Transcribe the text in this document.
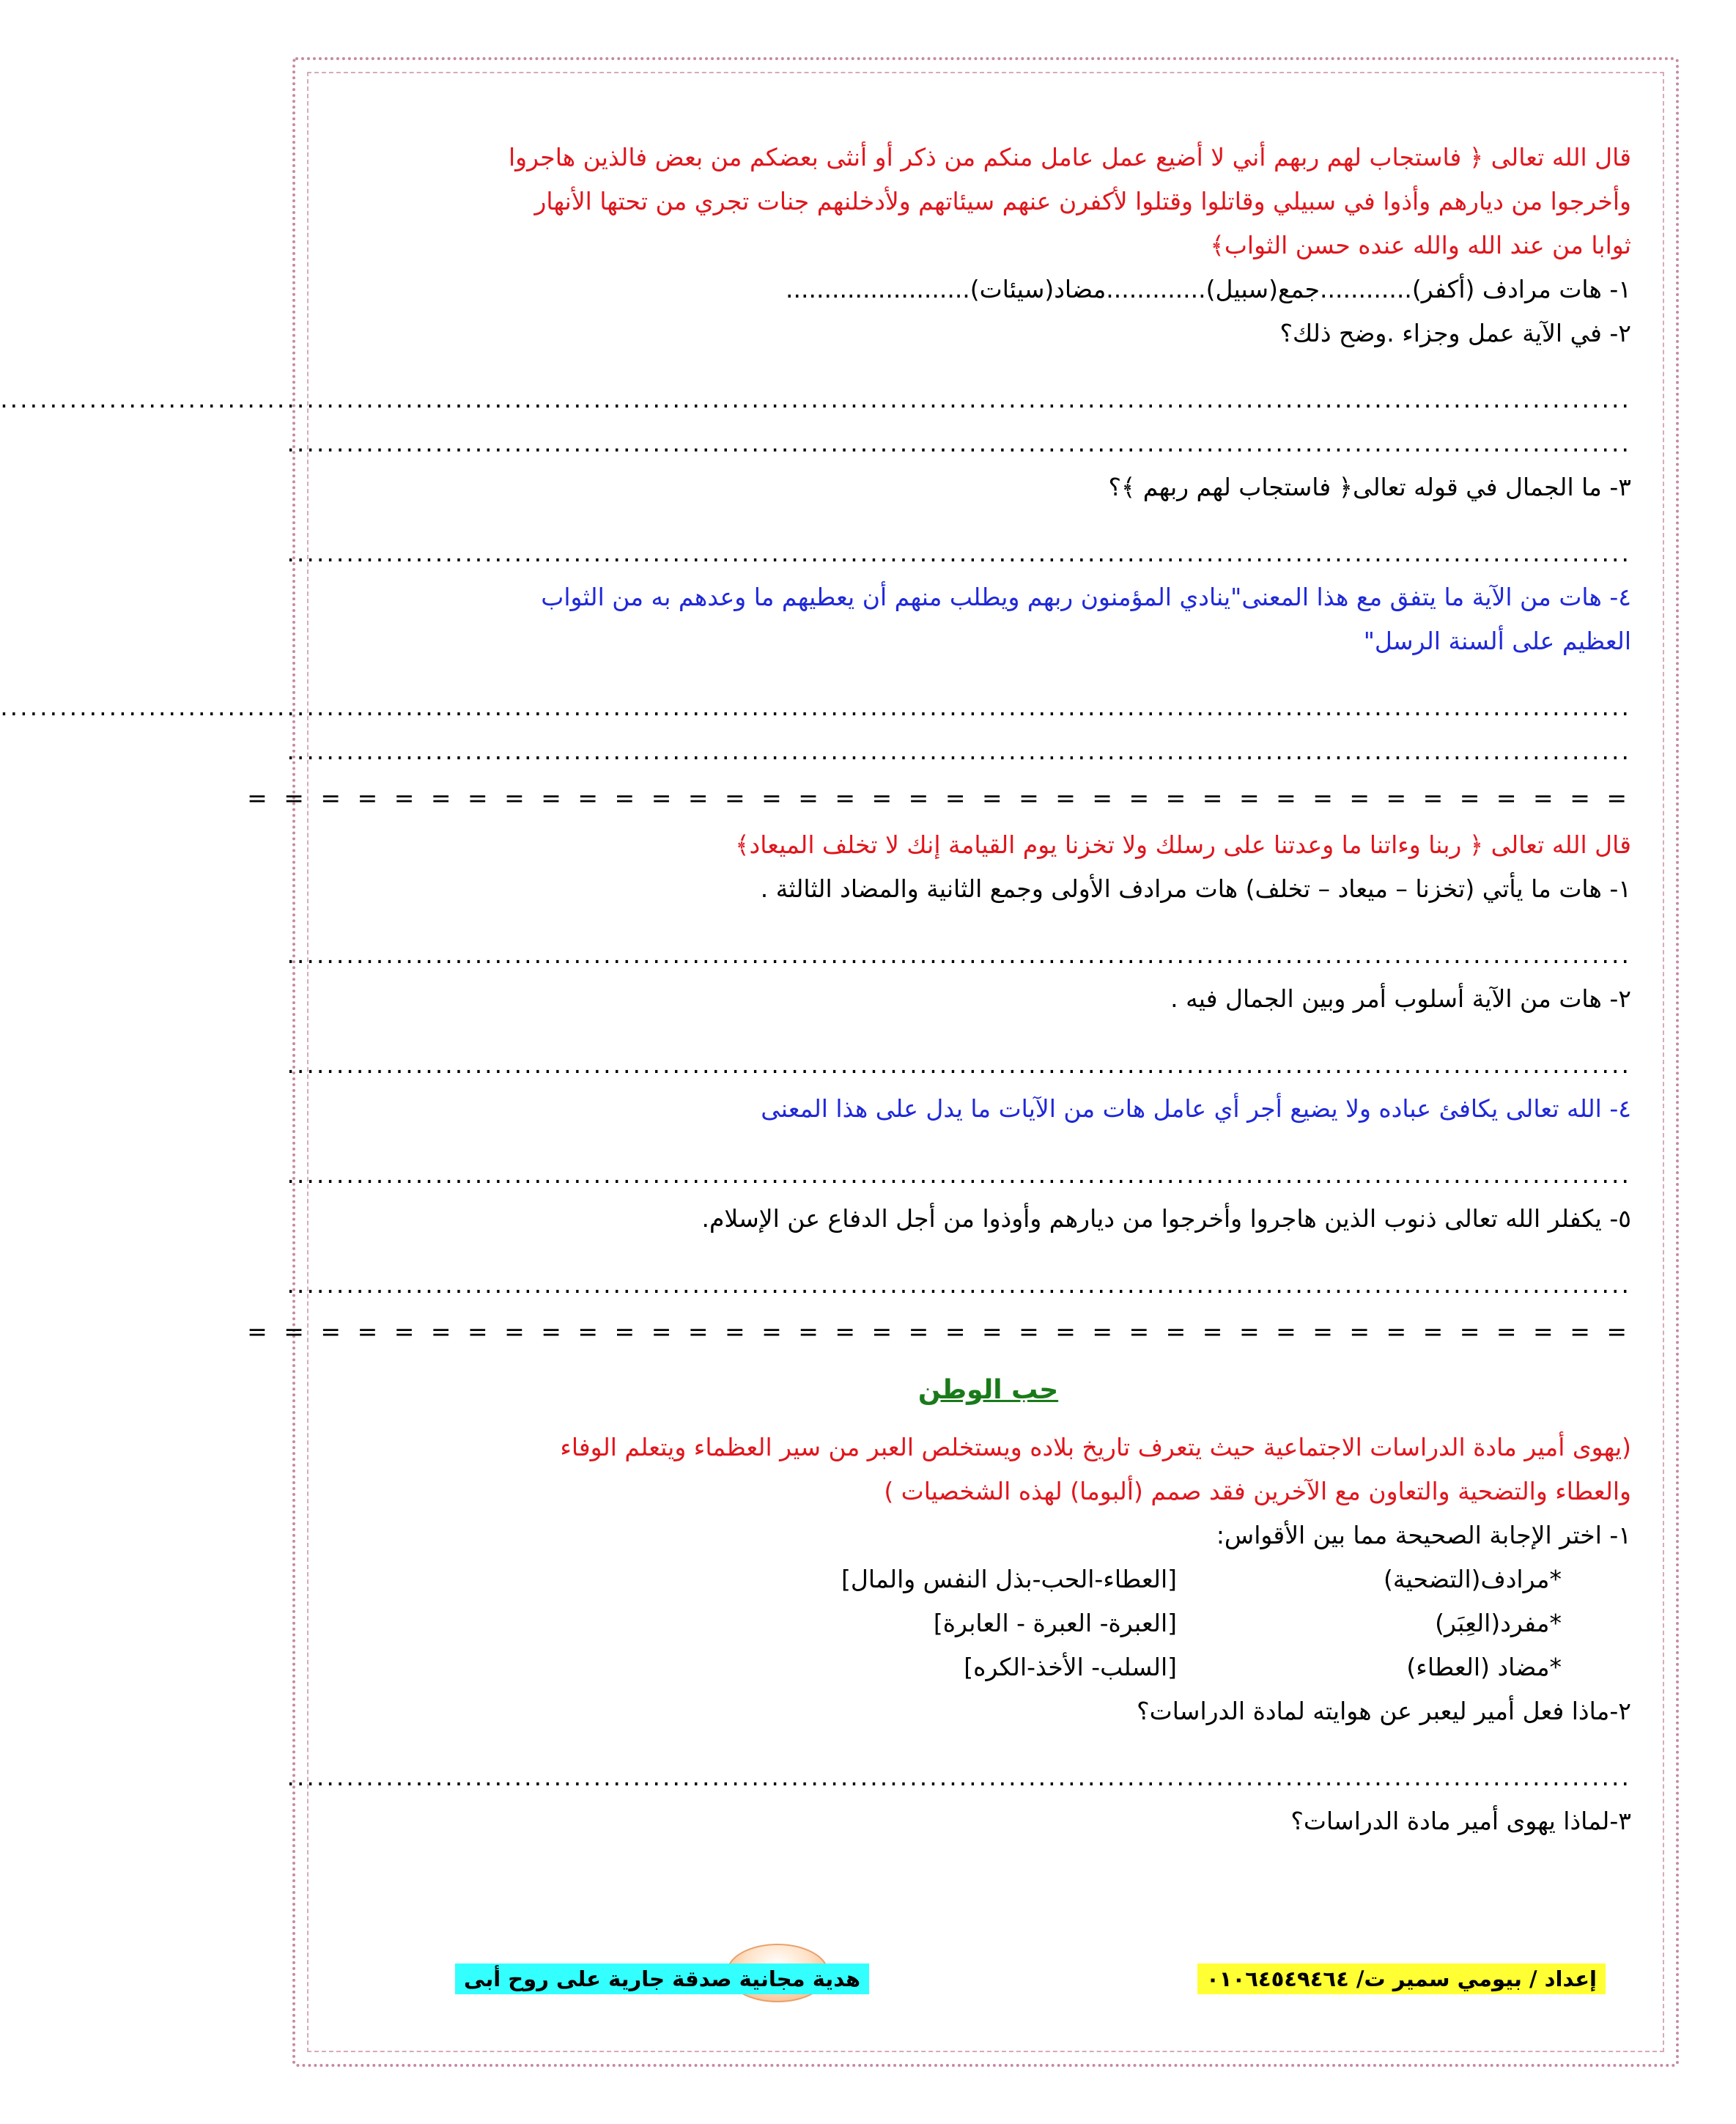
قال الله تعالى ﴿ فاستجاب لهم ربهم أني لا أضيع عمل عامل منكم من ذكر أو أنثى بعضكم من بعض فالذين هاجروا
وأخرجوا من ديارهم وأذوا في سبيلي وقاتلوا وقتلوا لأكفرن عنهم سيئاتهم ولأدخلنهم جنات تجري من تحتها الأنهار
ثوابا من عند الله والله عنده حسن الثواب﴾
١- هات مرادف (أكفر)............جمع(سبيل).............مضاد(سيئات)........................
٢- في الآية عمل وجزاء .وضح ذلك؟
.....................................................................................................................................................................
........................................................................................................................................
٣- ما الجمال في قوله تعالى﴿ فاستجاب لهم ربهم ﴾؟
........................................................................................................................................
٤- هات من الآية ما يتفق مع هذا المعنى"ينادي المؤمنون ربهم ويطلب منهم أن يعطيهم ما وعدهم به من الثواب
العظيم على ألسنة الرسل"
.....................................................................................................................................................................
........................................................................................................................................
= = = = = = = = = = = = = = = = = = = = = = = = = = = = = = = = = = = = = =
قال الله تعالى ﴿ ربنا وءاتنا ما وعدتنا على رسلك ولا تخزنا يوم القيامة إنك لا تخلف الميعاد﴾
١- هات ما يأتي (تخزنا – ميعاد – تخلف) هات مرادف الأولى وجمع الثانية والمضاد الثالثة .
........................................................................................................................................
٢- هات من الآية أسلوب أمر وبين الجمال فيه .
........................................................................................................................................
٤- الله تعالى يكافئ عباده ولا يضيع أجر أي عامل هات من الآيات ما يدل على هذا المعنى
........................................................................................................................................
٥- يكفلر الله تعالى ذنوب الذين هاجروا وأخرجوا من ديارهم وأوذوا من أجل الدفاع عن الإسلام.
........................................................................................................................................
= = = = = = = = = = = = = = = = = = = = = = = = = = = = = = = = = = = = = =
حب الوطن
(يهوى أمير مادة الدراسات الاجتماعية حيث يتعرف تاريخ بلاده ويستخلص العبر من سير العظماء ويتعلم الوفاء
والعطاء والتضحية والتعاون مع الآخرين فقد صمم (ألبوما) لهذه الشخصيات )
١- اختر الإجابة الصحيحة مما بين الأقواس:
*مرادف(التضحية)
[العطاء-الحب-بذل النفس والمال]
*مفرد(العِبَر)
[العبرة- العبرة - العابرة]
*مضاد (العطاء)
[السلب- الأخذ-الكره]
٢-ماذا فعل أمير ليعبر عن هوايته لمادة الدراسات؟
........................................................................................................................................
٣-لماذا يهوى أمير مادة الدراسات؟
إعداد / بيومي سمير ت/ ٠١٠٦٤٥٤٩٤٦٤
هدية مجانية صدقة جارية على روح أبى
